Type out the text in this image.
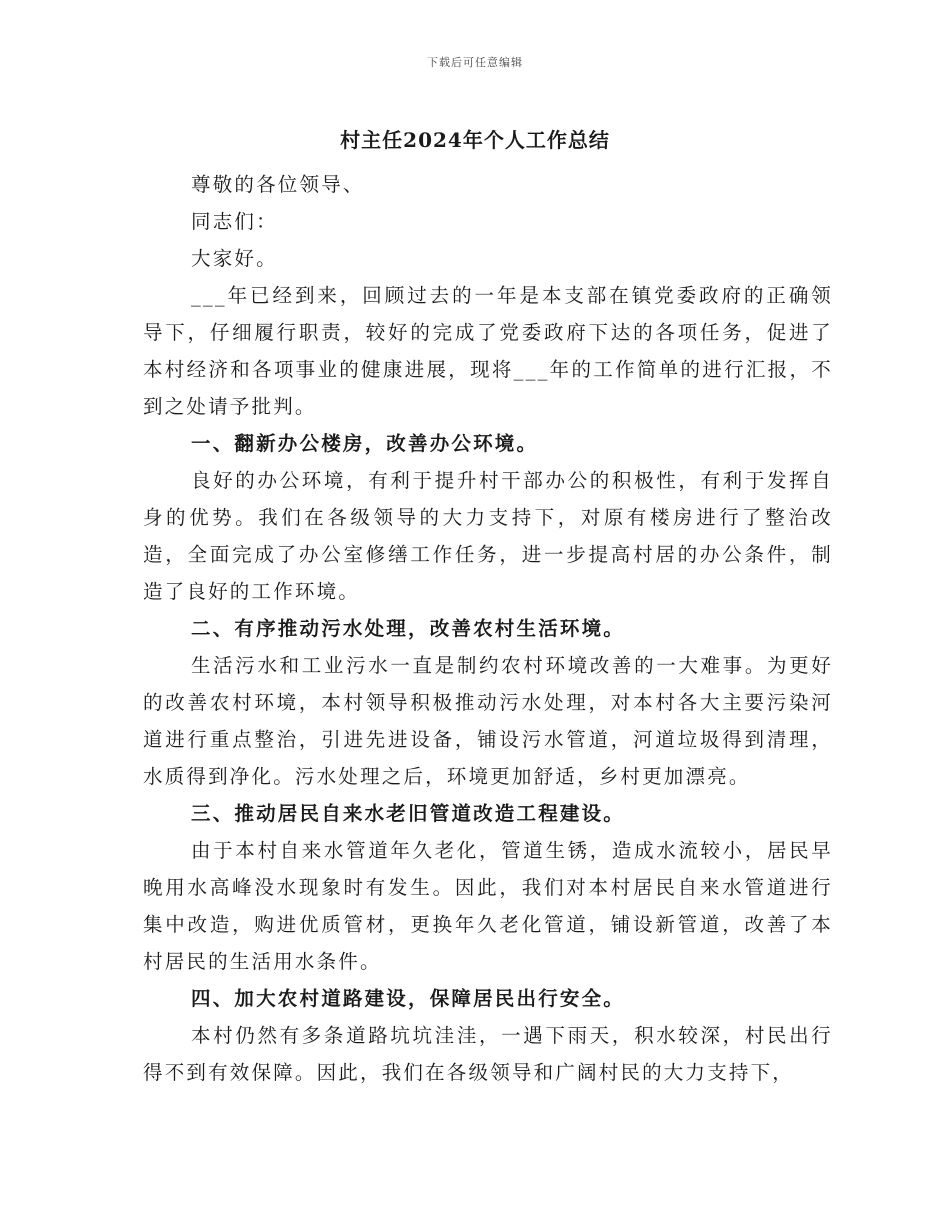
下载后可任意编辑
村主任2024年个人工作总结

尊敬的各位领导、

同志们：

大家好。

___年已经到来，回顾过去的一年是本支部在镇党委政府的正确领导下，仔细履行职责，较好的完成了党委政府下达的各项任务，促进了本村经济和各项事业的健康进展，现将___年的工作简单的进行汇报，不到之处请予批判。

一、翻新办公楼房，改善办公环境。

良好的办公环境，有利于提升村干部办公的积极性，有利于发挥自身的优势。我们在各级领导的大力支持下，对原有楼房进行了整治改造，全面完成了办公室修缮工作任务，进一步提高村居的办公条件，制造了良好的工作环境。

二、有序推动污水处理，改善农村生活环境。

生活污水和工业污水一直是制约农村环境改善的一大难事。为更好的改善农村环境，本村领导积极推动污水处理，对本村各大主要污染河道进行重点整治，引进先进设备，铺设污水管道，河道垃圾得到清理，水质得到净化。污水处理之后，环境更加舒适，乡村更加漂亮。

三、推动居民自来水老旧管道改造工程建设。

由于本村自来水管道年久老化，管道生锈，造成水流较小，居民早晚用水高峰没水现象时有发生。因此，我们对本村居民自来水管道进行集中改造，购进优质管材，更换年久老化管道，铺设新管道，改善了本村居民的生活用水条件。

四、加大农村道路建设，保障居民出行安全。

本村仍然有多条道路坑坑洼洼，一遇下雨天，积水较深，村民出行得不到有效保障。因此，我们在各级领导和广阔村民的大力支持下，
